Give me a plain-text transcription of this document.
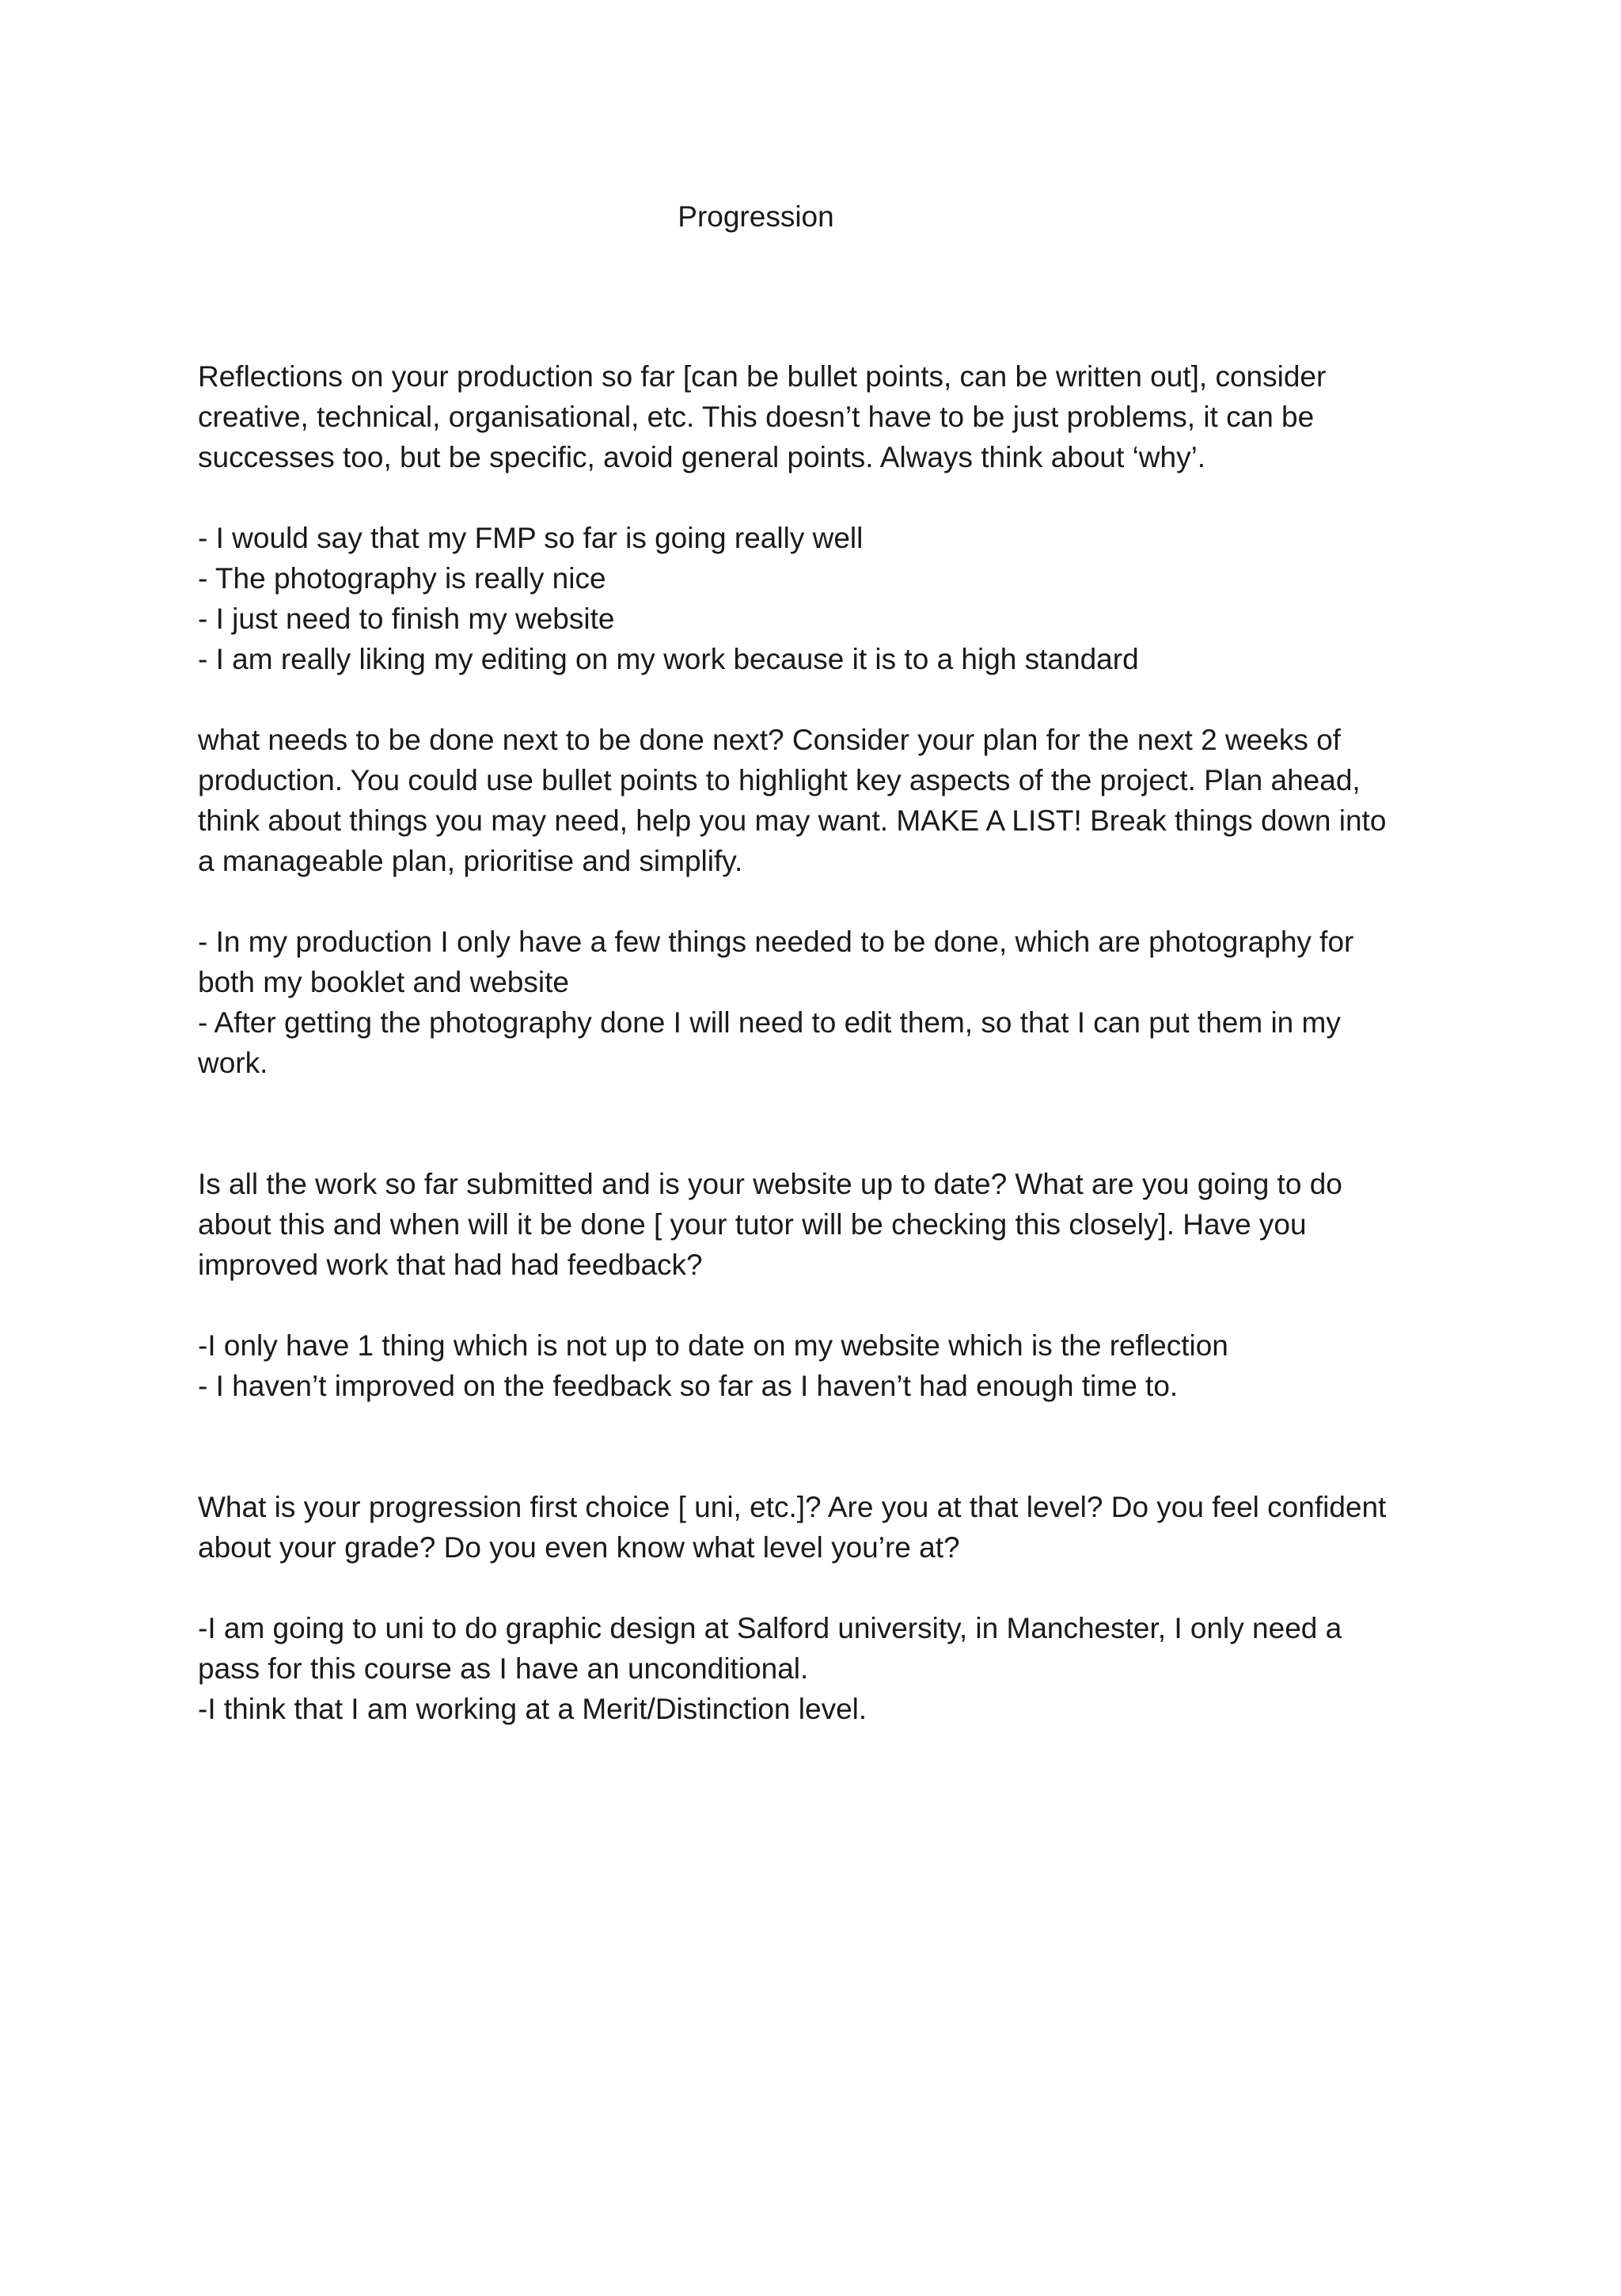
Progression
Reflections on your production so far [can be bullet points, can be written out], consider
creative, technical, organisational, etc. This doesn’t have to be just problems, it can be
successes too, but be specific, avoid general points. Always think about ‘why’.
- I would say that my FMP so far is going really well
- The photography is really nice
- I just need to finish my website
- I am really liking my editing on my work because it is to a high standard
what needs to be done next to be done next? Consider your plan for the next 2 weeks of
production. You could use bullet points to highlight key aspects of the project. Plan ahead,
think about things you may need, help you may want. MAKE A LIST! Break things down into
a manageable plan, prioritise and simplify.
- In my production I only have a few things needed to be done, which are photography for
both my booklet and website
- After getting the photography done I will need to edit them, so that I can put them in my
work.
Is all the work so far submitted and is your website up to date? What are you going to do
about this and when will it be done [ your tutor will be checking this closely]. Have you
improved work that had had feedback?
-I only have 1 thing which is not up to date on my website which is the reflection
- I haven’t improved on the feedback so far as I haven’t had enough time to.
What is your progression first choice [ uni, etc.]? Are you at that level? Do you feel confident
about your grade? Do you even know what level you’re at?
-I am going to uni to do graphic design at Salford university, in Manchester, I only need a
pass for this course as I have an unconditional.
-I think that I am working at a Merit/Distinction level.
